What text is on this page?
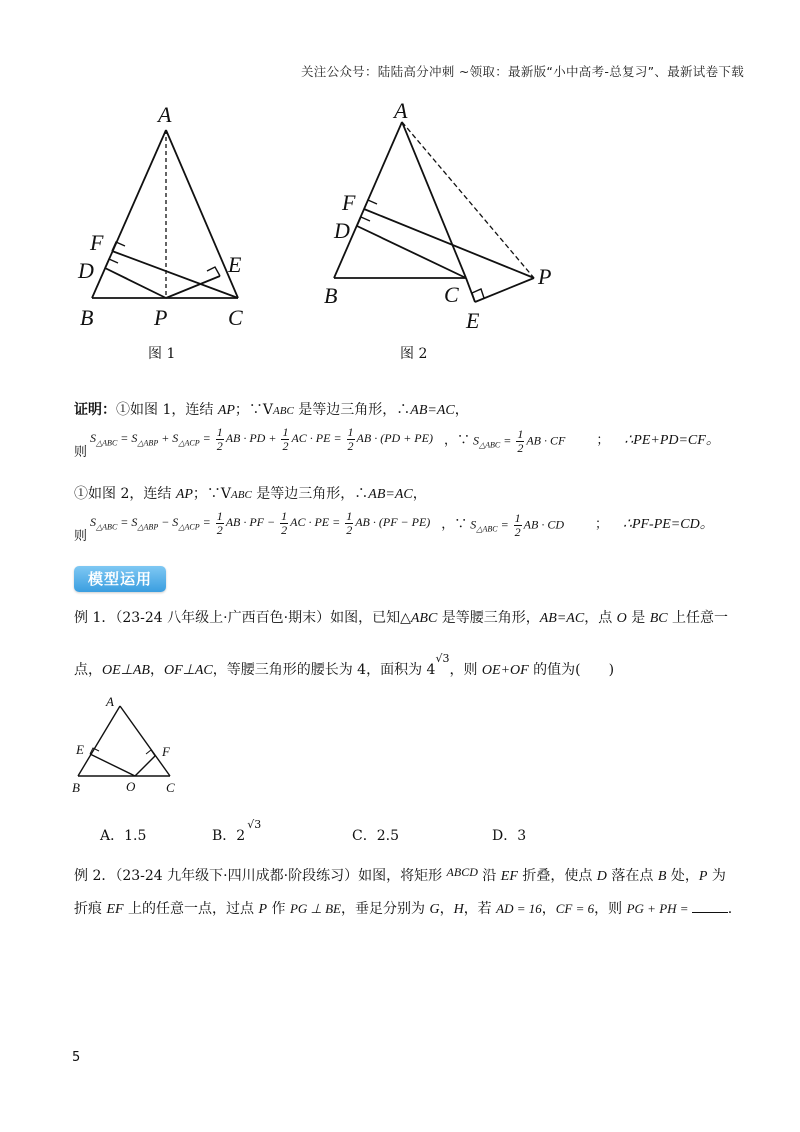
关注公众号：陆陆高分冲刺 ~领取：最新版“小中高考-总复习”、最新试卷下载
A
B	C
D	E
F
P
图 1
A
B	C
D
E
F
P
图 2
证明：①如图 1，连结 AP；∵VABC 是等边三角形，∴AB=AC，
则 $S_{\triangle ABC} = S_{\triangle ABP} + S_{\triangle ACP} = \frac{1}{2}$ AB · PD + $\frac{1}{2}$ AC · PE = $\frac{1}{2}$ AB · (PD + PE) ，∵ $S_{\triangle ABC} = \frac{1}{2}$ AB · CF ； ∴PE+PD=CF。
①如图 2，连结 AP；∵VABC 是等边三角形，∴AB=AC，
则 $S_{\triangle ABC} = S_{\triangle ABP} - S_{\triangle ACP} = \frac{1}{2}$ AB · PF − $\frac{1}{2}$ AC · PE = $\frac{1}{2}$ AB · (PF − PE) ，∵ $S_{\triangle ABC} = \frac{1}{2}$ AB · CD ； ∴PF-PE=CD。
模型运用
例 1．（23-24 八年级上·广西百色·期末）如图，已知△ABC 是等腰三角形，AB=AC，点 O 是 BC 上任意一
点，OE⊥AB，OF⊥AC，等腰三角形的腰长为 4，面积为 $4^{√3}$，则 OE+OF 的值为( )
A
B	C
E	F
O
A．1.5	B．$2^{√3}$
C．2.5	D．3
例 2．（23-24 九年级下·四川成都·阶段练习）如图，将矩形 ABCD 沿 EF 折叠，使点 D 落在点 B 处，P 为
折痕 EF 上的任意一点，过点 P 作 PG ⊥ BE，垂足分别为 G，H，若 AD = 16，CF = 6，则 PG + PH =	.
5
